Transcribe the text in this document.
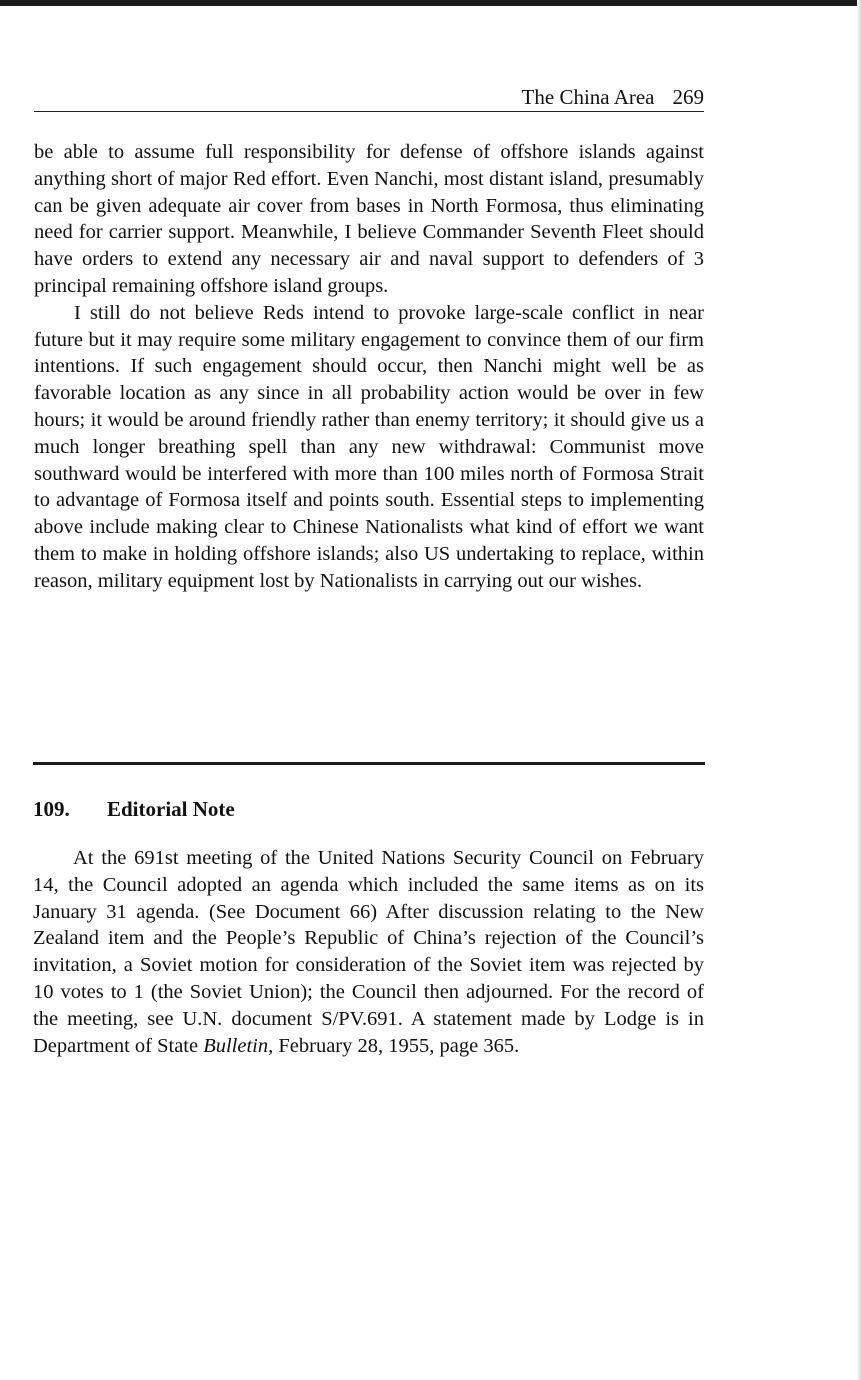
The China Area 269

be able to assume full responsibility for defense of offshore islands against anything short of major Red effort. Even Nanchi, most distant island, presumably can be given adequate air cover from bases in North Formosa, thus eliminating need for carrier support. Meanwhile, I believe Commander Seventh Fleet should have orders to extend any necessary air and naval support to defenders of 3 principal remaining offshore island groups.

I still do not believe Reds intend to provoke large-scale conflict in near future but it may require some military engagement to convince them of our firm intentions. If such engagement should occur, then Nanchi might well be as favorable location as any since in all probability action would be over in few hours; it would be around friendly rather than enemy territory; it should give us a much longer breathing spell than any new withdrawal: Communist move southward would be interfered with more than 100 miles north of Formosa Strait to advantage of Formosa itself and points south. Essential steps to implementing above include making clear to Chinese Nationalists what kind of effort we want them to make in holding offshore islands; also US undertaking to replace, within reason, military equipment lost by Nationalists in carrying out our wishes.

109. Editorial Note

At the 691st meeting of the United Nations Security Council on February 14, the Council adopted an agenda which included the same items as on its January 31 agenda. (See Document 66) After discussion relating to the New Zealand item and the People’s Republic of China’s rejection of the Council’s invitation, a Soviet motion for consideration of the Soviet item was rejected by 10 votes to 1 (the Soviet Union); the Council then adjourned. For the record of the meeting, see U.N. document S/PV.691. A statement made by Lodge is in Department of State Bulletin, February 28, 1955, page 365.
